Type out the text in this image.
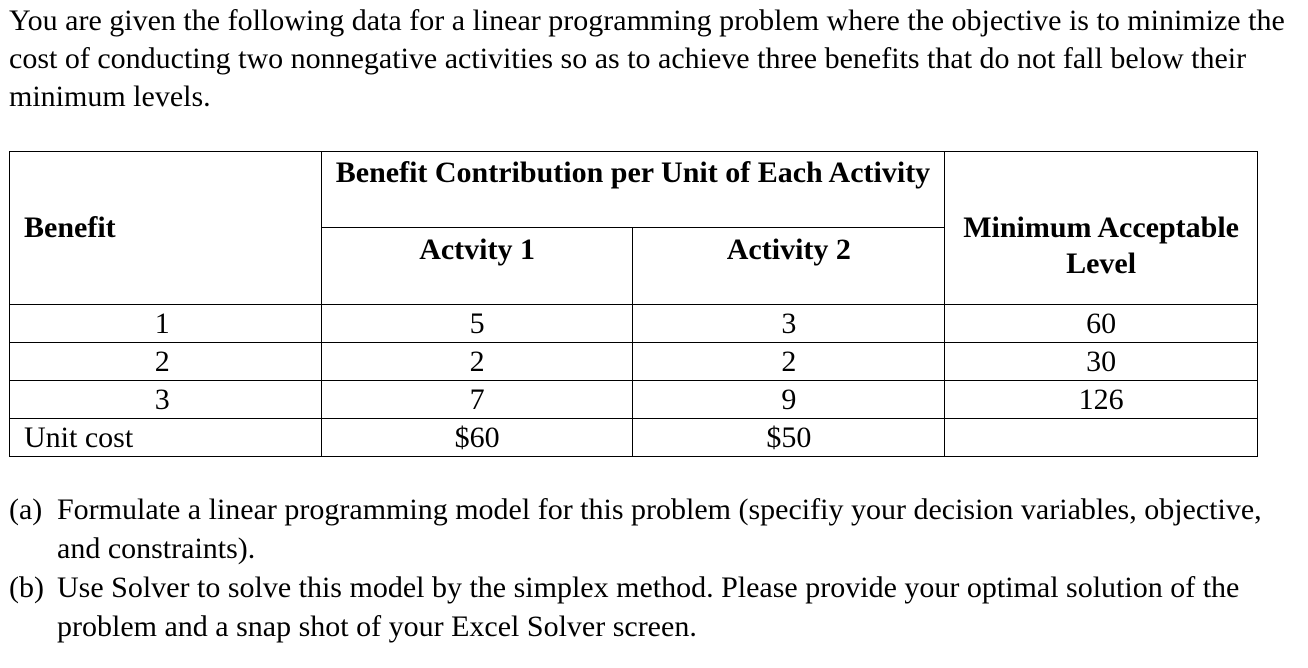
You are given the following data for a linear programming problem where the objective is to minimize the cost of conducting two nonnegative activities so as to achieve three benefits that do not fall below their minimum levels.

Benefit	Benefit Contribution per Unit of Each Activity		Minimum Acceptable Level
	Actvity 1	Activity 2	
1	5	3	60
2	2	2	30
3	7	9	126
Unit cost	$60	$50	
(a) Formulate a linear programming model for this problem (specifiy your decision variables, objective, and constraints).
(b) Use Solver to solve this model by the simplex method. Please provide your optimal solution of the problem and a snap shot of your Excel Solver screen.
